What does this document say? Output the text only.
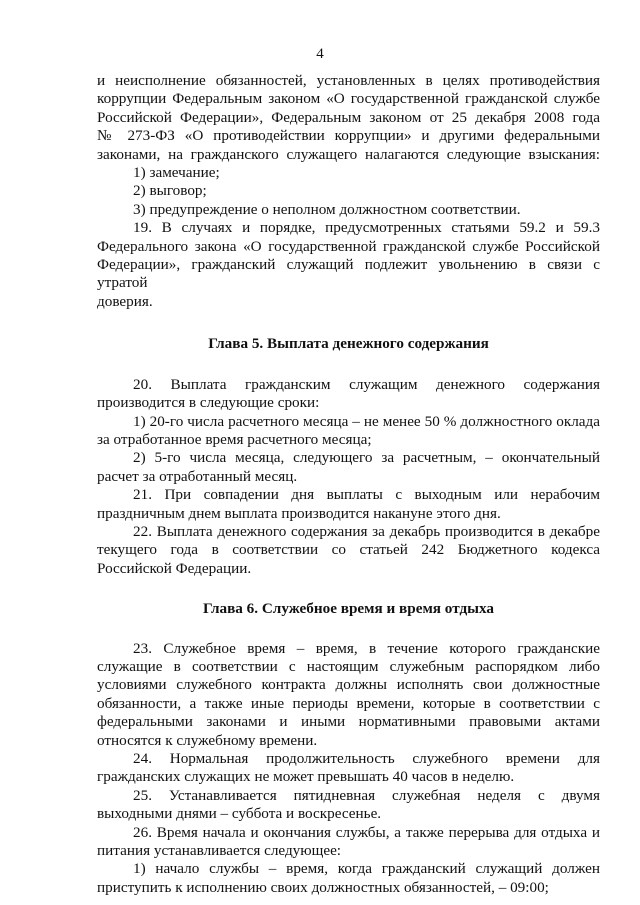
4

и неисполнение обязанностей, установленных в целях противодействия

коррупции Федеральным законом «О государственной гражданской службе

Российской Федерации», Федеральным законом от 25 декабря 2008 года

№ 273-ФЗ «О противодействии коррупции» и другими федеральными

законами, на гражданского служащего налагаются следующие взыскания:

1) замечание;

2) выговор;

3) предупреждение о неполном должностном соответствии.

19. В случаях и порядке, предусмотренных статьями 59.2 и 59.3

Федерального закона «О государственной гражданской службе Российской

Федерации», гражданский служащий подлежит увольнению в связи с утратой

доверия.

Глава 5. Выплата денежного содержания

20. Выплата гражданским служащим денежного содержания

производится в следующие сроки:

1) 20-го числа расчетного месяца – не менее 50 % должностного оклада

за отработанное время расчетного месяца;

2) 5-го числа месяца, следующего за расчетным, – окончательный

расчет за отработанный месяц.

21. При совпадении дня выплаты с выходным или нерабочим

праздничным днем выплата производится накануне этого дня.

22. Выплата денежного содержания за декабрь производится в декабре

текущего года в соответствии со статьей 242 Бюджетного кодекса

Российской Федерации.

Глава 6. Служебное время и время отдыха

23. Служебное время – время, в течение которого гражданские

служащие в соответствии с настоящим служебным распорядком либо

условиями служебного контракта должны исполнять свои должностные

обязанности, а также иные периоды времени, которые в соответствии с

федеральными законами и иными нормативными правовыми актами

относятся к служебному времени.

24. Нормальная продолжительность служебного времени для

гражданских служащих не может превышать 40 часов в неделю.

25. Устанавливается пятидневная служебная неделя с двумя

выходными днями – суббота и воскресенье.

26. Время начала и окончания службы, а также перерыва для отдыха и

питания устанавливается следующее:

1) начало службы – время, когда гражданский служащий должен

приступить к исполнению своих должностных обязанностей, – 09:00;
